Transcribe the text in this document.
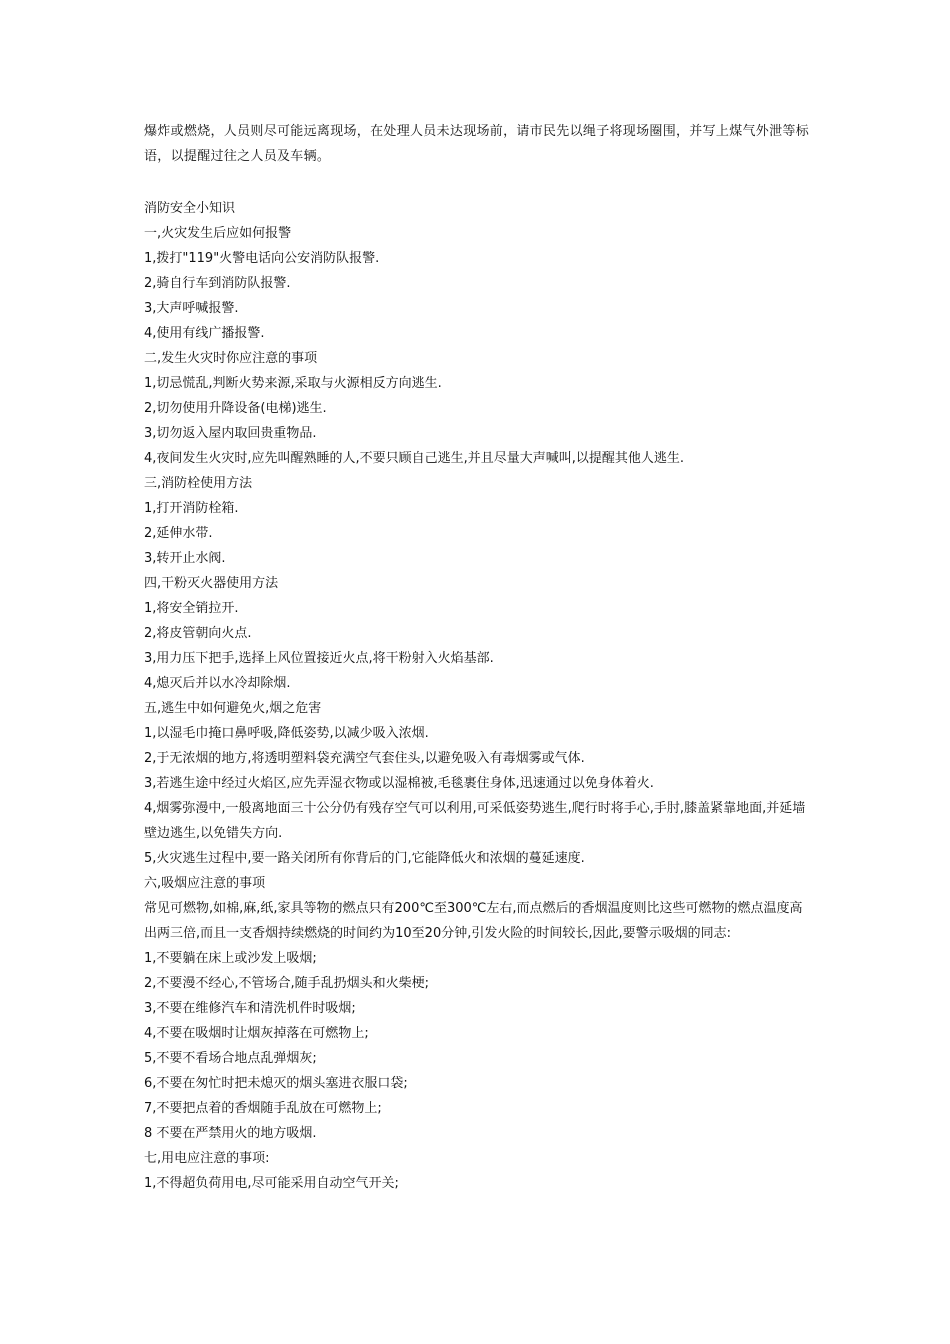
爆炸或燃烧，人员则尽可能远离现场，在处理人员未达现场前，请市民先以绳子将现场圈围，并写上煤气外泄等标语，以提醒过往之人员及车辆。
消防安全小知识
一,火灾发生后应如何报警
1,拨打"119"火警电话向公安消防队报警.
2,骑自行车到消防队报警.
3,大声呼喊报警.
4,使用有线广播报警.
二,发生火灾时你应注意的事项
1,切忌慌乱,判断火势来源,采取与火源相反方向逃生.
2,切勿使用升降设备(电梯)逃生.
3,切勿返入屋内取回贵重物品.
4,夜间发生火灾时,应先叫醒熟睡的人,不要只顾自己逃生,并且尽量大声喊叫,以提醒其他人逃生.
三,消防栓使用方法
1,打开消防栓箱.
2,延伸水带.
3,转开止水阀.
四,干粉灭火器使用方法
1,将安全销拉开.
2,将皮管朝向火点.
3,用力压下把手,选择上风位置接近火点,将干粉射入火焰基部.
4,熄灭后并以水冷却除烟.
五,逃生中如何避免火,烟之危害
1,以湿毛巾掩口鼻呼吸,降低姿势,以减少吸入浓烟.
2,于无浓烟的地方,将透明塑料袋充满空气套住头,以避免吸入有毒烟雾或气体.
3,若逃生途中经过火焰区,应先弄湿衣物或以湿棉被,毛毯裹住身体,迅速通过以免身体着火.
4,烟雾弥漫中,一般离地面三十公分仍有残存空气可以利用,可采低姿势逃生,爬行时将手心,手肘,膝盖紧靠地面,并延墙壁边逃生,以免错失方向.
5,火灾逃生过程中,要一路关闭所有你背后的门,它能降低火和浓烟的蔓延速度.
六,吸烟应注意的事项
常见可燃物,如棉,麻,纸,家具等物的燃点只有200℃至300℃左右,而点燃后的香烟温度则比这些可燃物的燃点温度高出两三倍,而且一支香烟持续燃烧的时间约为10至20分钟,引发火险的时间较长,因此,要警示吸烟的同志:
1,不要躺在床上或沙发上吸烟;
2,不要漫不经心,不管场合,随手乱扔烟头和火柴梗;
3,不要在维修汽车和清洗机件时吸烟;
4,不要在吸烟时让烟灰掉落在可燃物上;
5,不要不看场合地点乱弹烟灰;
6,不要在匆忙时把未熄灭的烟头塞进衣服口袋;
7,不要把点着的香烟随手乱放在可燃物上;
8 不要在严禁用火的地方吸烟.
七,用电应注意的事项:
1,不得超负荷用电,尽可能采用自动空气开关;
